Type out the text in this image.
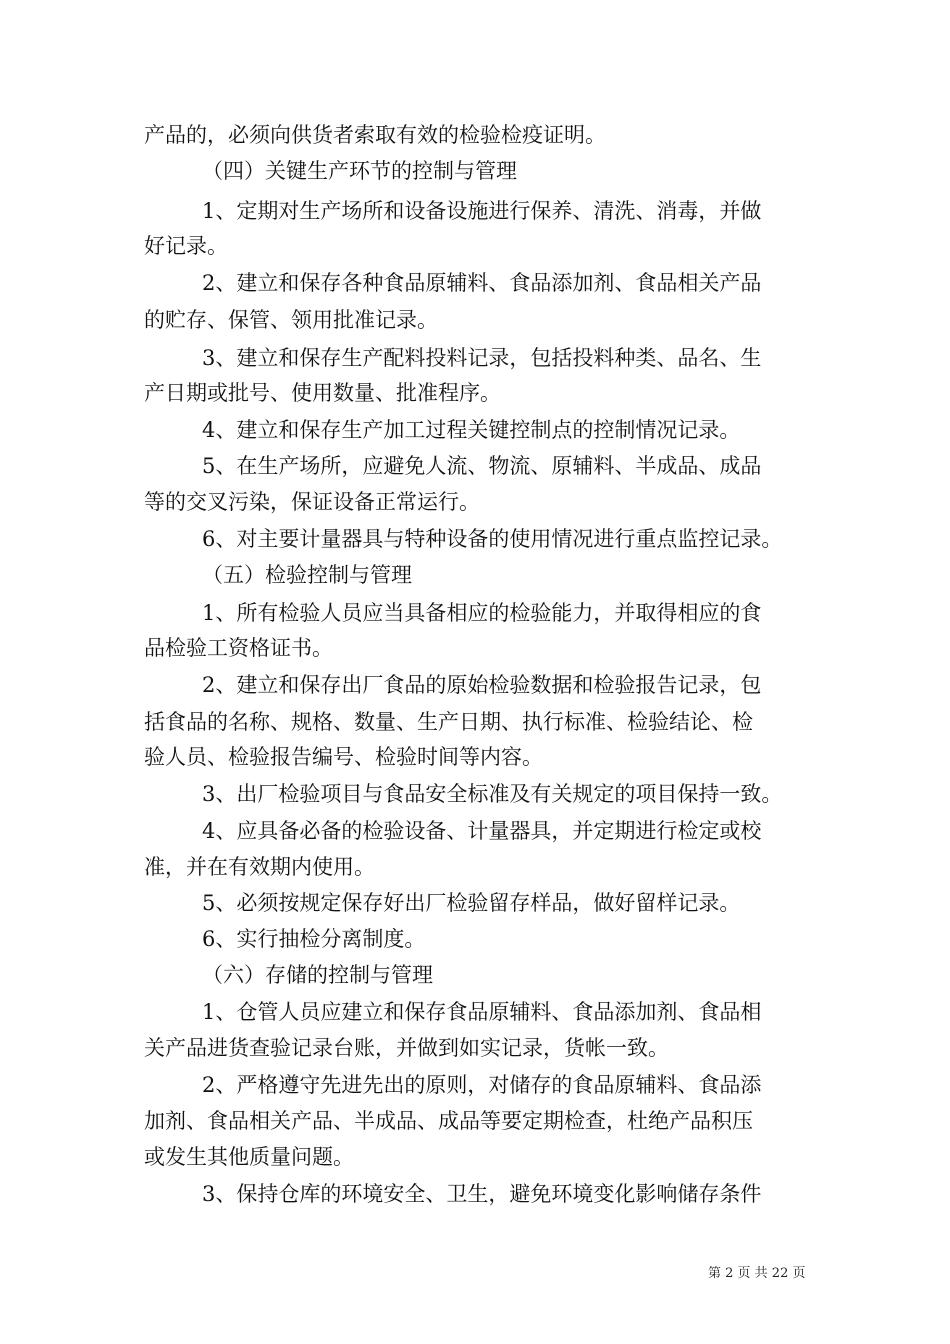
产品的，必须向供货者索取有效的检验检疫证明。
（四）关键生产环节的控制与管理
1、定期对生产场所和设备设施进行保养、清洗、消毒，并做
好记录。
2、建立和保存各种食品原辅料、食品添加剂、食品相关产品
的贮存、保管、领用批准记录。
3、建立和保存生产配料投料记录，包括投料种类、品名、生
产日期或批号、使用数量、批准程序。
4、建立和保存生产加工过程关键控制点的控制情况记录。
5、在生产场所，应避免人流、物流、原辅料、半成品、成品
等的交叉污染，保证设备正常运行。
6、对主要计量器具与特种设备的使用情况进行重点监控记录。
（五）检验控制与管理
1、所有检验人员应当具备相应的检验能力，并取得相应的食
品检验工资格证书。
2、建立和保存出厂食品的原始检验数据和检验报告记录，包
括食品的名称、规格、数量、生产日期、执行标准、检验结论、检
验人员、检验报告编号、检验时间等内容。
3、出厂检验项目与食品安全标准及有关规定的项目保持一致。
4、应具备必备的检验设备、计量器具，并定期进行检定或校
准，并在有效期内使用。
5、必须按规定保存好出厂检验留存样品，做好留样记录。
6、实行抽检分离制度。
（六）存储的控制与管理
1、仓管人员应建立和保存食品原辅料、食品添加剂、食品相
关产品进货查验记录台账，并做到如实记录，货帐一致。
2、严格遵守先进先出的原则，对储存的食品原辅料、食品添
加剂、食品相关产品、半成品、成品等要定期检查，杜绝产品积压
或发生其他质量问题。
3、保持仓库的环境安全、卫生，避免环境变化影响储存条件
第 2 页 共 22 页
